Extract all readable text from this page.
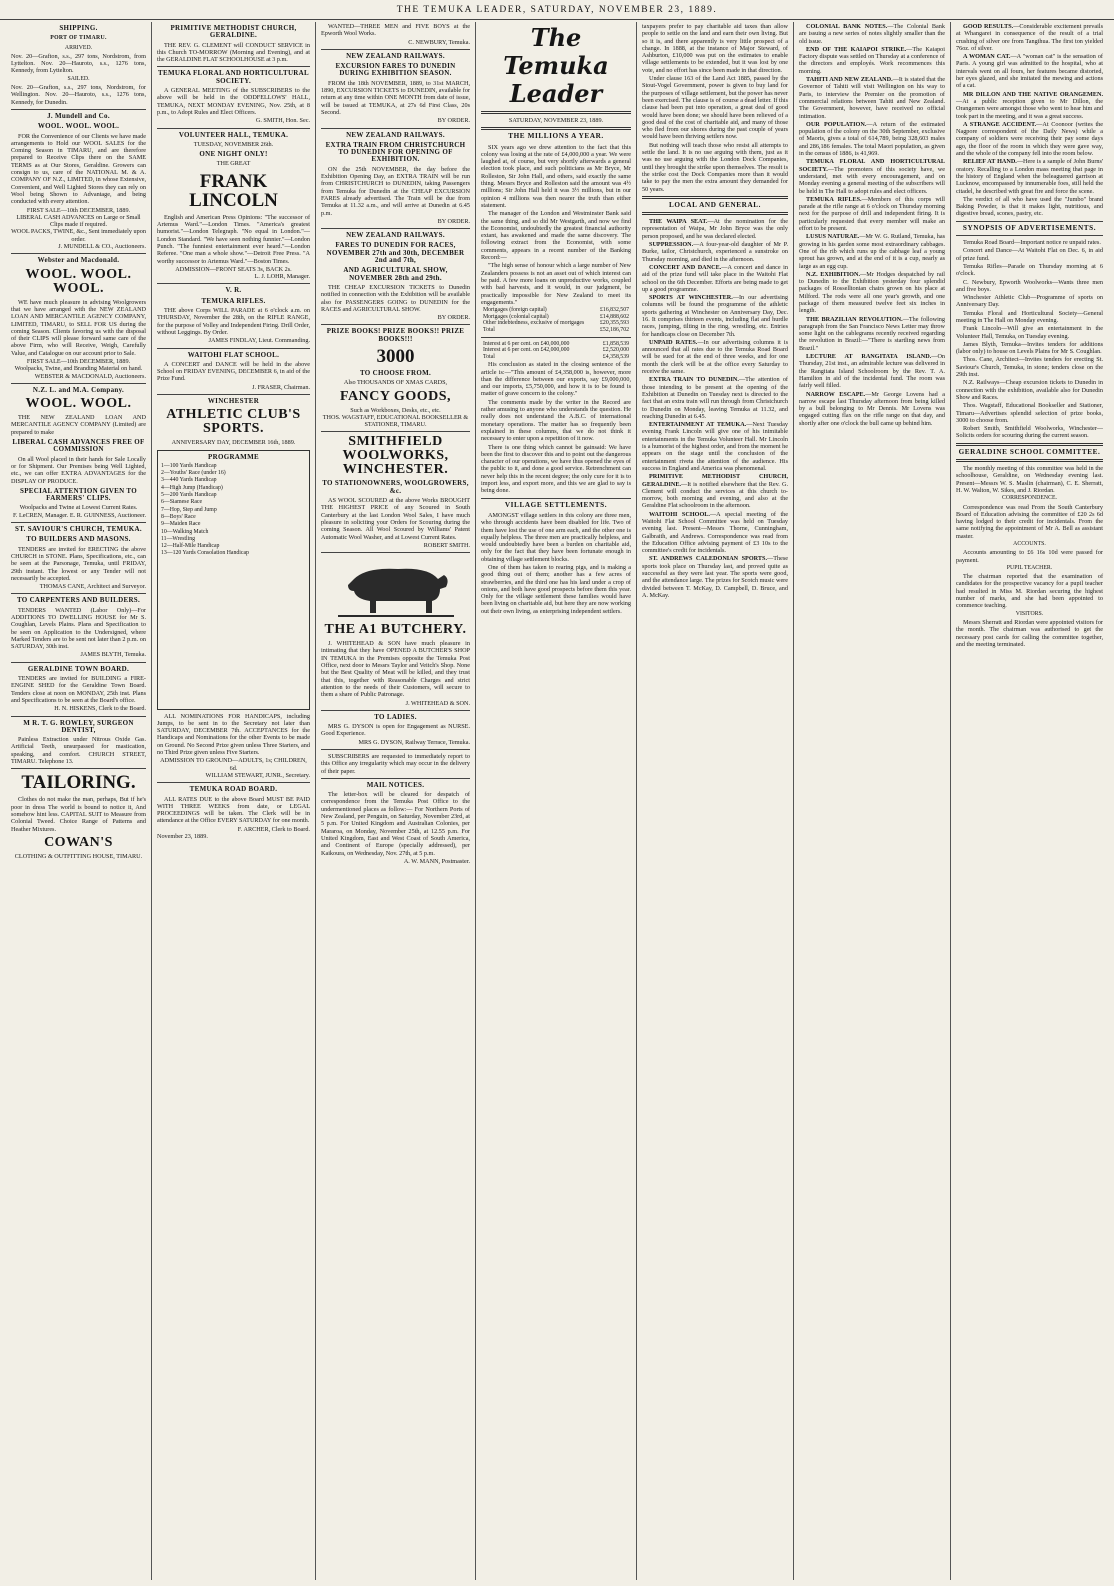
THE TEMUKA LEADER, SATURDAY, NOVEMBER 23, 1889.
SHIPPING.
PORT OF TIMARU.
ARRIVED.

Nov. 20—Grafton, s.s., 297 tons, Nordstrom, from Lyttelton. Nov. 20—Hauroto, s.s., 1276 tons, Kennedy, from Lyttelton.

SAILED.

Nov. 20—Grafton, s.s., 297 tons, Nordstrom, for Wellington. Nov. 20—Hauroto, s.s., 1276 tons, Kennedy, for Dunedin.

J. Mundell and Co.
WOOL. WOOL. WOOL.

FOR the Convenience of our Clients we have made arrangements to Hold our WOOL SALES for the Coming Season in TIMARU, and are therefore prepared to Receive Clips there on the SAME TERMS as at Our Stores, Geraldine. Growers can consign to us, care of the NATIONAL M. & A. COMPANY OF N.Z., LIMITED, in whose Extensive, Convenient, and Well Lighted Stores they can rely on Wool being Shown to Advantage, and being conducted with every attention.

FIRST SALE—10th DECEMBER, 1889.
LIBERAL CASH ADVANCES on Large or Small Clips made if required.
WOOL PACKS, TWINE, &c., Sent immediately upon order.
J. MUNDELL & CO., Auctioneers.
Webster and Macdonald.
WOOL. WOOL. WOOL.

WE have much pleasure in advising Woolgrowers that we have arranged with the NEW ZEALAND LOAN AND MERCANTILE AGENCY COMPANY, LIMITED, TIMARU, to SELL FOR US during the coming Season. Clients favoring us with the disposal of their CLIPS will please forward same care of the above Firm, who will Receive, Weigh, Carefully Value, and Catalogue on our account prior to Sale.

FIRST SALE—10th DECEMBER, 1889.
Woolpacks, Twine, and Branding Material on hand.
WEBSTER & MACDONALD, Auctioneers.
N.Z. L. and M.A. Company.
WOOL. WOOL.

THE NEW ZEALAND LOAN AND MERCANTILE AGENCY COMPANY (Limited) are prepared to make

LIBERAL CASH ADVANCES FREE OF COMMISSION

On all Wool placed in their hands for Sale Locally or for Shipment. Our Premises being Well Lighted, etc., we can offer EXTRA ADVANTAGES for the DISPLAY OF PRODUCE.

SPECIAL ATTENTION GIVEN TO FARMERS' CLIPS.
Woolpacks and Twine at Lowest Current Rates.
F. LeCREN, Manager. E. R. GUINNESS, Auctioneer.
ST. SAVIOUR'S CHURCH, TEMUKA.
TO BUILDERS AND MASONS.

TENDERS are invited for ERECTING the above CHURCH in STONE. Plans, Specifications, etc., can be seen at the Parsonage, Temuka, until FRIDAY, 29th instant. The lowest or any Tender will not necessarily be accepted.

THOMAS CANE, Architect and Surveyor.
TO CARPENTERS AND BUILDERS.

TENDERS WANTED (Labor Only)—For ADDITIONS TO DWELLING HOUSE for Mr S. Coughlan, Levels Plains. Plans and Specification to be seen on Application to the Undersigned, where Marked Tenders are to be sent not later than 2 p.m. on SATURDAY, 30th inst.

JAMES BLYTH, Temuka.
GERALDINE TOWN BOARD.

TENDERS are invited for BUILDING a FIRE-ENGINE SHED for the Geraldine Town Board. Tenders close at noon on MONDAY, 25th inst. Plans and Specifications to be seen at the Board's office.

H. N. HISKENS, Clerk to the Board.
M R. T. G. ROWLEY, SURGEON DENTIST,

Painless Extraction under Nitrous Oxide Gas. Artificial Teeth, unsurpassed for mastication, speaking, and comfort. CHURCH STREET, TIMARU. Telephone 13.

TAILORING.

Clothes do not make the man, perhaps, But if he's poor in dress The world is bound to notice it, And somehow hint less. CAPITAL SUIT to Measure from Colonial Tweed. Choice Range of Patterns and Heather Mixtures.

COWAN'S
CLOTHING & OUTFITTING HOUSE, TIMARU.
PRIMITIVE METHODIST CHURCH, GERALDINE.

THE REV. G. CLEMENT will CONDUCT SERVICE in this Church TO-MORROW (Morning and Evening), and at the GERALDINE FLAT SCHOOLHOUSE at 3 p.m.

TEMUKA FLORAL AND HORTICULTURAL SOCIETY.

A GENERAL MEETING of the SUBSCRIBERS to the above will be held in the ODDFELLOWS' HALL, TEMUKA, NEXT MONDAY EVENING, Nov. 25th, at 8 p.m., to Adopt Rules and Elect Officers.

G. SMITH, Hon. Sec.
VOLUNTEER HALL, TEMUKA.
TUESDAY, NOVEMBER 26th.
ONE NIGHT ONLY!
THE GREAT
FRANK LINCOLN

English and American Press Opinions: "The successor of Artemus Ward."—London Times. "America's greatest humorist."—London Telegraph. "No equal in London."—London Standard. "We have seen nothing funnier."—London Punch. "The funniest entertainment ever heard."—London Referee. "One man a whole show."—Detroit Free Press. "A worthy successor to Artemus Ward."—Boston Times.

ADMISSION—FRONT SEATS 3s, BACK 2s.
L. J. LOHR, Manager.
V. R.
TEMUKA RIFLES.

THE above Corps WILL PARADE at 6 o'clock a.m. on THURSDAY, November the 28th, on the RIFLE RANGE, for the purpose of Volley and Independent Firing. Drill Order, without Leggings. By Order.

JAMES FINDLAY, Lieut. Commanding.
WAITOHI FLAT SCHOOL.

A CONCERT and DANCE will be held in the above School on FRIDAY EVENING, DECEMBER 6, in aid of the Prize Fund.

J. FRASER, Chairman.
WINCHESTER
ATHLETIC CLUB'S SPORTS.
ANNIVERSARY DAY, DECEMBER 16th, 1889.
PROGRAMME
1—100 Yards Handicap
2—Youths' Race (under 16)
3—440 Yards Handicap
4—High Jump (Handicap)
5—200 Yards Handicap
6—Siamese Race
7—Hop, Step and Jump
8—Boys' Race
9—Maiden Race
10—Walking Match
11—Wrestling
12—Half-Mile Handicap
13—120 Yards Consolation Handicap

ALL NOMINATIONS FOR HANDICAPS, including Jumps, to be sent in to the Secretary not later than SATURDAY, DECEMBER 7th. ACCEPTANCES for the Handicaps and Nominations for the other Events to be made on Ground. No Second Prize given unless Three Starters, and no Third Prize given unless Five Starters.

ADMISSION TO GROUND—ADULTS, 1s; CHILDREN, 6d.
WILLIAM STEWART, JUNR., Secretary.
TEMUKA ROAD BOARD.

ALL RATES DUE to the above Board MUST BE PAID WITH THREE WEEKS from date, or LEGAL PROCEEDINGS will be taken. The Clerk will be in attendance at the Office EVERY SATURDAY for one month.

F. ARCHER, Clerk to Board.
November 23, 1889.

WANTED—THREE MEN and FIVE BOYS at the Epworth Wool Works.

C. NEWBURY, Temuka.
NEW ZEALAND RAILWAYS.
EXCURSION FARES TO DUNEDIN DURING EXHIBITION SEASON.

FROM the 18th NOVEMBER, 1889, to 31st MARCH, 1890, EXCURSION TICKETS to DUNEDIN, available for return at any time within ONE MONTH from date of issue, will be issued at TEMUKA, at 27s 6d First Class, 20s Second.

BY ORDER.
NEW ZEALAND RAILWAYS.
EXTRA TRAIN FROM CHRISTCHURCH TO DUNEDIN FOR OPENING OF EXHIBITION.

ON the 25th NOVEMBER, the day before the Exhibition Opening Day, an EXTRA TRAIN will be run from CHRISTCHURCH to DUNEDIN, taking Passengers from Temuka for Dunedin at the CHEAP EXCURSION FARES already advertised. The Train will be due from Temuka at 11.32 a.m., and will arrive at Dunedin at 6.45 p.m.

BY ORDER.
NEW ZEALAND RAILWAYS.
FARES TO DUNEDIN FOR RACES, NOVEMBER 27th and 30th, DECEMBER 2nd and 7th,
AND AGRICULTURAL SHOW, NOVEMBER 28th and 29th.

THE CHEAP EXCURSION TICKETS to Dunedin notified in connection with the Exhibition will be available also for PASSENGERS GOING to DUNEDIN for the RACES and AGRICULTURAL SHOW.

BY ORDER.
PRIZE BOOKS! PRIZE BOOKS!! PRIZE BOOKS!!!
3000
TO CHOOSE FROM.
Also THOUSANDS OF XMAS CARDS,
FANCY GOODS,
Such as Workboxes, Desks, etc., etc.
THOS. WAGSTAFF, EDUCATIONAL BOOKSELLER & STATIONER, TIMARU.
SMITHFIELD WOOLWORKS, WINCHESTER.
TO STATIONOWNERS, WOOLGROWERS, &c.

AS WOOL SCOURED at the above Works BROUGHT THE HIGHEST PRICE of any Scoured in South Canterbury at the last London Wool Sales, I have much pleasure in soliciting your Orders for Scouring during the coming Season. All Wool Scoured by Williams' Patent Automatic Wool Washer, and at Lowest Current Rates.

ROBERT SMITH.
THE A1 BUTCHERY.

J. WHITEHEAD & SON have much pleasure in intimating that they have OPENED A BUTCHER'S SHOP IN TEMUKA in the Premises opposite the Temuka Post Office, next door to Messrs Taylor and Veitch's Shop. None but the Best Quality of Meat will be killed, and they trust that this, together with Reasonable Charges and strict attention to the needs of their Customers, will secure to them a share of Public Patronage.

J. WHITEHEAD & SON.
TO LADIES.

MRS G. DYSON is open for Engagement as NURSE. Good Experience.

MRS G. DYSON, Railway Terrace, Temuka.

SUBSCRIBERS are requested to immediately report to this Office any irregularity which may occur in the delivery of their paper.

MAIL NOTICES.

The letter-box will be cleared for despatch of correspondence from the Temuka Post Office to the undermentioned places as follow:— For Northern Ports of New Zealand, per Penguin, on Saturday, November 23rd, at 5 p.m. For United Kingdom and Australian Colonies, per Mararoa, on Monday, November 25th, at 12.55 p.m. For United Kingdom, East and West Coast of South America, and Continent of Europe (specially addressed), per Kaikoura, on Wednesday, Nov. 27th, at 5 p.m.

A. W. MANN, Postmaster.
The Temuka Leader
SATURDAY, NOVEMBER 23, 1889.
THE MILLIONS A YEAR.

SIX years ago we drew attention to the fact that this colony was losing at the rate of £4,000,000 a year. We were laughed at, of course, but very shortly afterwards a general election took place, and such politicians as Mr Bryce, Mr Rolleston, Sir John Hall, and others, said exactly the same thing. Messrs Bryce and Rolleston said the amount was 4½ millions; Sir John Hall held it was 3½ millions, but in our opinion 4 millions was then nearer the truth than either statement.

The manager of the London and Westminster Bank said the same thing, and so did Mr Westgarth, and now we find the Economist, undoubtedly the greatest financial authority extant, has awakened and made the same discovery. The following extract from the Economist, with some comments, appears in a recent number of the Banking Record:—

"The high sense of honour which a large number of New Zealanders possess is not an asset out of which interest can be paid. A few more loans on unproductive works, coupled with bad harvests, and it would, in our judgment, be practically impossible for New Zealand to meet its engagements."

Mortgages (foreign capital)	£16,832,507
Mortgages (colonial capital)	£14,888,602
Other indebtedness, exclusive of mortgages	£20,355,593
Total	£52,186,702
Interest at 6 per cent. on £40,000,000	£1,858,539
Interest at 6 per cent. on £42,000,000	£2,520,000
Total	£4,358,539

His conclusion as stated in the closing sentence of the article is:—"This amount of £4,358,000 is, however, more than the difference between our exports, say £9,000,000, and our imports, £5,750,000, and how it is to be found is matter of grave concern to the colony."

The comments made by the writer in the Record are rather amusing to anyone who understands the question. He really does not understand the A.B.C. of international monetary operations. The matter has so frequently been explained in these columns, that we do not think it necessary to enter upon a repetition of it now.

There is one thing which cannot be gainsaid: We have been the first to discover this and to point out the dangerous character of our operations, we have thus opened the eyes of the public to it, and done a good service. Retrenchment can never help this in the recent degree; the only cure for it is to import less, and export more, and this we are glad to say is being done.

VILLAGE SETTLEMENTS.

AMONGST village settlers in this colony are three men, who through accidents have been disabled for life. Two of them have lost the use of one arm each, and the other one is equally helpless. The three men are practically helpless, and would undoubtedly have been a burden on charitable aid, only for the fact that they have been fortunate enough in obtaining village settlement blocks.

One of them has taken to rearing pigs, and is making a good thing out of them; another has a few acres of strawberries, and the third one has his land under a crop of onions, and both have good prospects before them this year. Only for the village settlement these families would have been living on charitable aid, but here they are now working out their own living, as enterprising independent settlers.

taxpayers prefer to pay charitable aid taxes than allow people to settle on the land and earn their own living. But so it is, and there apparently is very little prospect of a change. In 1888, at the instance of Major Steward, of Ashburton, £10,000 was put on the estimates to enable village settlements to be extended, but it was lost by one vote, and no effort has since been made in that direction.

Under clause 163 of the Land Act 1885, passed by the Stout-Vogel Government, power is given to buy land for the purposes of village settlement, but the power has never been exercised. The clause is of course a dead letter. If this clause had been put into operation, a great deal of good would have been done; we should have been relieved of a good deal of the cost of charitable aid, and many of those who fled from our shores during the past couple of years would have been thriving settlers now.

But nothing will teach those who resist all attempts to settle the land. It is no use arguing with them, just as it was no use arguing with the London Dock Companies, until they brought the strike upon themselves. The result is the strike cost the Dock Companies more than it would take to pay the men the extra amount they demanded for 50 years.

LOCAL AND GENERAL.

THE WAIPA SEAT.—At the nomination for the representation of Waipa, Mr John Bryce was the only person proposed, and he was declared elected.

SUPPRESSION.—A four-year-old daughter of Mr P. Burke, tailor, Christchurch, experienced a sunstroke on Thursday morning, and died in the afternoon.

CONCERT AND DANCE.—A concert and dance in aid of the prize fund will take place in the Waitohi Flat school on the 6th December. Efforts are being made to get up a good programme.

SPORTS AT WINCHESTER.—In our advertising columns will be found the programme of the athletic sports gathering at Winchester on Anniversary Day, Dec. 16. It comprises thirteen events, including flat and hurdle races, jumping, tilting in the ring, wrestling, etc. Entries for handicaps close on December 7th.

UNPAID RATES.—In our advertising columns it is announced that all rates due to the Temuka Road Board will be sued for at the end of three weeks, and for one month the clerk will be at the office every Saturday to receive the same.

EXTRA TRAIN TO DUNEDIN.—The attention of those intending to be present at the opening of the Exhibition at Dunedin on Tuesday next is directed to the fact that an extra train will run through from Christchurch to Dunedin on Monday, leaving Temuka at 11.32, and reaching Dunedin at 6.45.

ENTERTAINMENT AT TEMUKA.—Next Tuesday evening Frank Lincoln will give one of his inimitable entertainments in the Temuka Volunteer Hall. Mr Lincoln is a humorist of the highest order, and from the moment he appears on the stage until the conclusion of the entertainment riveta the attention of the audience. His success in England and America was phenomenal.

PRIMITIVE METHODIST CHURCH, GERALDINE.—It is notified elsewhere that the Rev. G. Clement will conduct the services at this church to-morrow, both morning and evening, and also at the Geraldine Flat schoolroom in the afternoon.

WAITOHI SCHOOL.—A special meeting of the Waitohi Flat School Committee was held on Tuesday evening last. Present—Messrs Thorne, Cunningham, Galbraith, and Andrews. Correspondence was read from the Education Office advising payment of £3 10s to the committee's credit for incidentals.

ST. ANDREWS CALEDONIAN SPORTS.—These sports took place on Thursday last, and proved quite as successful as they were last year. The sports were good, and the attendance large. The prizes for Scotch music were divided between T. McKay, D. Campbell, D. Bruce, and A. McKay.

COLONIAL BANK NOTES.—The Colonial Bank are issuing a new series of notes slightly smaller than the old issue.

END OF THE KAIAPOI STRIKE.—The Kaiapoi Factory dispute was settled on Thursday at a conference of the directors and employés. Work recommences this morning.

TAHITI AND NEW ZEALAND.—It is stated that the Governor of Tahiti will visit Wellington on his way to Paris, to interview the Premier on the promotion of commercial relations between Tahiti and New Zealand. The Government, however, have received no official intimation.

OUR POPULATION.—A return of the estimated population of the colony on the 30th September, exclusive of Maoris, gives a total of 614,789, being 328,603 males and 286,186 females. The total Maori population, as given in the census of 1886, is 41,969.

TEMUKA FLORAL AND HORTICULTURAL SOCIETY.—The promoters of this society have, we understand, met with every encouragement, and on Monday evening a general meeting of the subscribers will be held in The Hall to adopt rules and elect officers.

TEMUKA RIFLES.—Members of this corps will parade at the rifle range at 6 o'clock on Thursday morning next for the purpose of drill and independent firing. It is particularly requested that every member will make an effort to be present.

LUSUS NATURAE.—Mr W. G. Rutland, Temuka, has growing in his garden some most extraordinary cabbages. One of the rib which runs up the cabbage leaf a young sprout has grown, and at the end of it is a cup, nearly as large as an egg cup.

N.Z. EXHIBITION.—Mr Hodges despatched by rail to Dunedin to the Exhibition yesterday four splendid packages of Rosselltonian chairs grown on his place at Milford. The rods were all one year's growth, and one package of them measured twelve feet six inches in length.

THE BRAZILIAN REVOLUTION.—The following paragraph from the San Francisco News Letter may throw some light on the cablegrams recently received regarding the revolution in Brazil:—"There is startling news from Brazil."

LECTURE AT RANGITATA ISLAND.—On Thursday, 21st inst., an admirable lecture was delivered in the Rangitata Island Schoolroom by the Rev. T. A. Hamilton in aid of the incidental fund. The room was fairly well filled.

NARROW ESCAPE.—Mr George Lovens had a narrow escape last Thursday afternoon from being killed by a bull belonging to Mr Dennis. Mr Lovens was engaged cutting flax on the rifle range on that day, and shortly after one o'clock the bull came up behind him.

GOOD RESULTS.—Considerable excitement prevails at Whangarei in consequence of the result of a trial crushing of silver ore from Tangihua. The first ton yielded 76oz. of silver.

A WOMAN CAT.—A "woman cat" is the sensation of Paris. A young girl was admitted to the hospital, who at intervals went on all fours, her features became distorted, her eyes glazed, and she imitated the mewing and actions of a cat.

MR DILLON AND THE NATIVE ORANGEMEN.—At a public reception given to Mr Dillon, the Orangemen were amongst those who went to hear him and took part in the meeting, and it was a great success.

A STRANGE ACCIDENT.—At Coonoor (writes the Nagpore correspondent of the Daily News) while a company of soldiers were receiving their pay some days ago, the floor of the room in which they were gave way, and the whole of the company fell into the room below.

RELIEF AT HAND.—Here is a sample of John Burns' oratory. Recalling to a London mass meeting that page in the history of England when the beleaguered garrison at Lucknow, encompassed by innumerable foes, still held the citadel, he described with great fire and force the scene.

The verdict of all who have used the "Jumbo" brand Baking Powder, is that it makes light, nutritious, and digestive bread, scones, pastry, etc.

SYNOPSIS OF ADVERTISEMENTS.

Temuka Road Board—Important notice re unpaid rates.

Concert and Dance—At Waitohi Flat on Dec. 6, in aid of prize fund.

Temuka Rifles—Parade on Thursday morning at 6 o'clock.

C. Newbury, Epworth Woolworks—Wants three men and five boys.

Winchester Athletic Club—Programme of sports on Anniversary Day.

Temuka Floral and Horticultural Society—General meeting in The Hall on Monday evening.

Frank Lincoln—Will give an entertainment in the Volunteer Hall, Temuka, on Tuesday evening.

James Blyth, Temuka—Invites tenders for additions (labor only) to house on Levels Plains for Mr S. Coughlan.

Thos. Cane, Architect—Invites tenders for erecting St. Saviour's Church, Temuka, in stone; tenders close on the 29th inst.

N.Z. Railways—Cheap excursion tickets to Dunedin in connection with the exhibition, available also for Dunedin Show and Races.

Thos. Wagstaff, Educational Bookseller and Stationer, Timaru—Advertises splendid selection of prize books, 3000 to choose from.

Robert Smith, Smithfield Woolworks, Winchester—Solicits orders for scouring during the current season.

GERALDINE SCHOOL COMMITTEE.

The monthly meeting of this committee was held in the schoolhouse, Geraldine, on Wednesday evening last. Present—Messrs W. S. Maslin (chairman), C. E. Sherratt, H. W. Walton, W. Sikes, and J. Riordan.

CORRESPONDENCE.

Correspondence was read From the South Canterbury Board of Education advising the committee of £20 2s 6d having lodged to their credit for incidentals. From the same notifying the appointment of Mr A. Bell as assistant master.

ACCOUNTS.

Accounts amounting to £6 16s 10d were passed for payment.

PUPIL TEACHER.

The chairman reported that the examination of candidates for the prospective vacancy for a pupil teacher had resulted in Miss M. Riordan securing the highest number of marks, and she had been appointed to commence teaching.

VISITORS.

Messrs Sherratt and Riordan were appointed visitors for the month. The chairman was authorised to get the necessary post cards for calling the committee together, and the meeting terminated.
